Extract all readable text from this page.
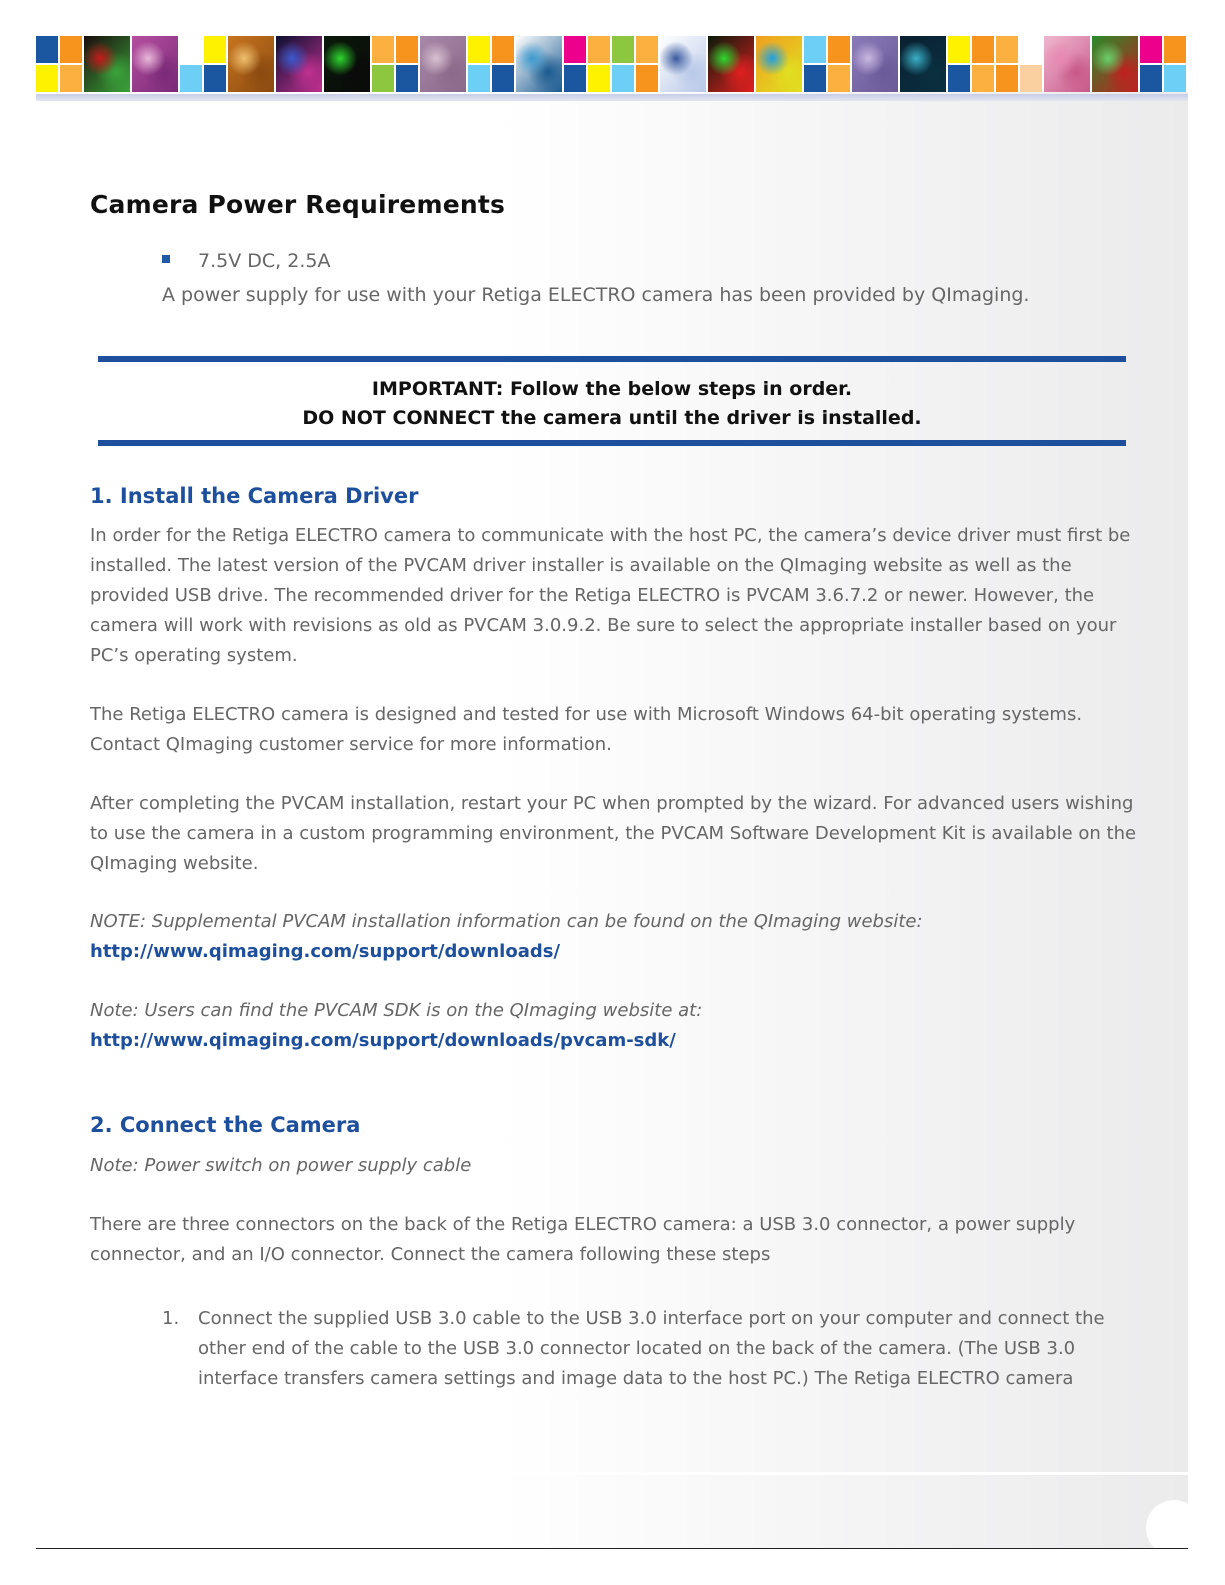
Camera Power Requirements
7.5V DC, 2.5A
A power supply for use with your Retiga ELECTRO camera has been provided by QImaging.
IMPORTANT: Follow the below steps in order.
DO NOT CONNECT the camera until the driver is installed.
1. Install the Camera Driver

In order for the Retiga ELECTRO camera to communicate with the host PC, the camera’s device driver must first be installed. The latest version of the PVCAM driver installer is available on the QImaging website as well as the provided USB drive. The recommended driver for the Retiga ELECTRO is PVCAM 3.6.7.2 or newer. However, the camera will work with revisions as old as PVCAM 3.0.9.2. Be sure to select the appropriate installer based on your PC’s operating system.

The Retiga ELECTRO camera is designed and tested for use with Microsoft Windows 64-bit operating systems. Contact QImaging customer service for more information.

After completing the PVCAM installation, restart your PC when prompted by the wizard. For advanced users wishing to use the camera in a custom programming environment, the PVCAM Software Development Kit is available on the QImaging website.

NOTE: Supplemental PVCAM installation information can be found on the QImaging website:

http://www.qimaging.com/support/downloads/

Note: Users can find the PVCAM SDK is on the QImaging website at:

http://www.qimaging.com/support/downloads/pvcam-sdk/
2. Connect the Camera

Note: Power switch on power supply cable

There are three connectors on the back of the Retiga ELECTRO camera: a USB 3.0 connector, a power supply connector, and an I/O connector. Connect the camera following these steps

1. Connect the supplied USB 3.0 cable to the USB 3.0 interface port on your computer and connect the other end of the cable to the USB 3.0 connector located on the back of the camera. (The USB 3.0 interface transfers camera settings and image data to the host PC.) The Retiga ELECTRO camera
